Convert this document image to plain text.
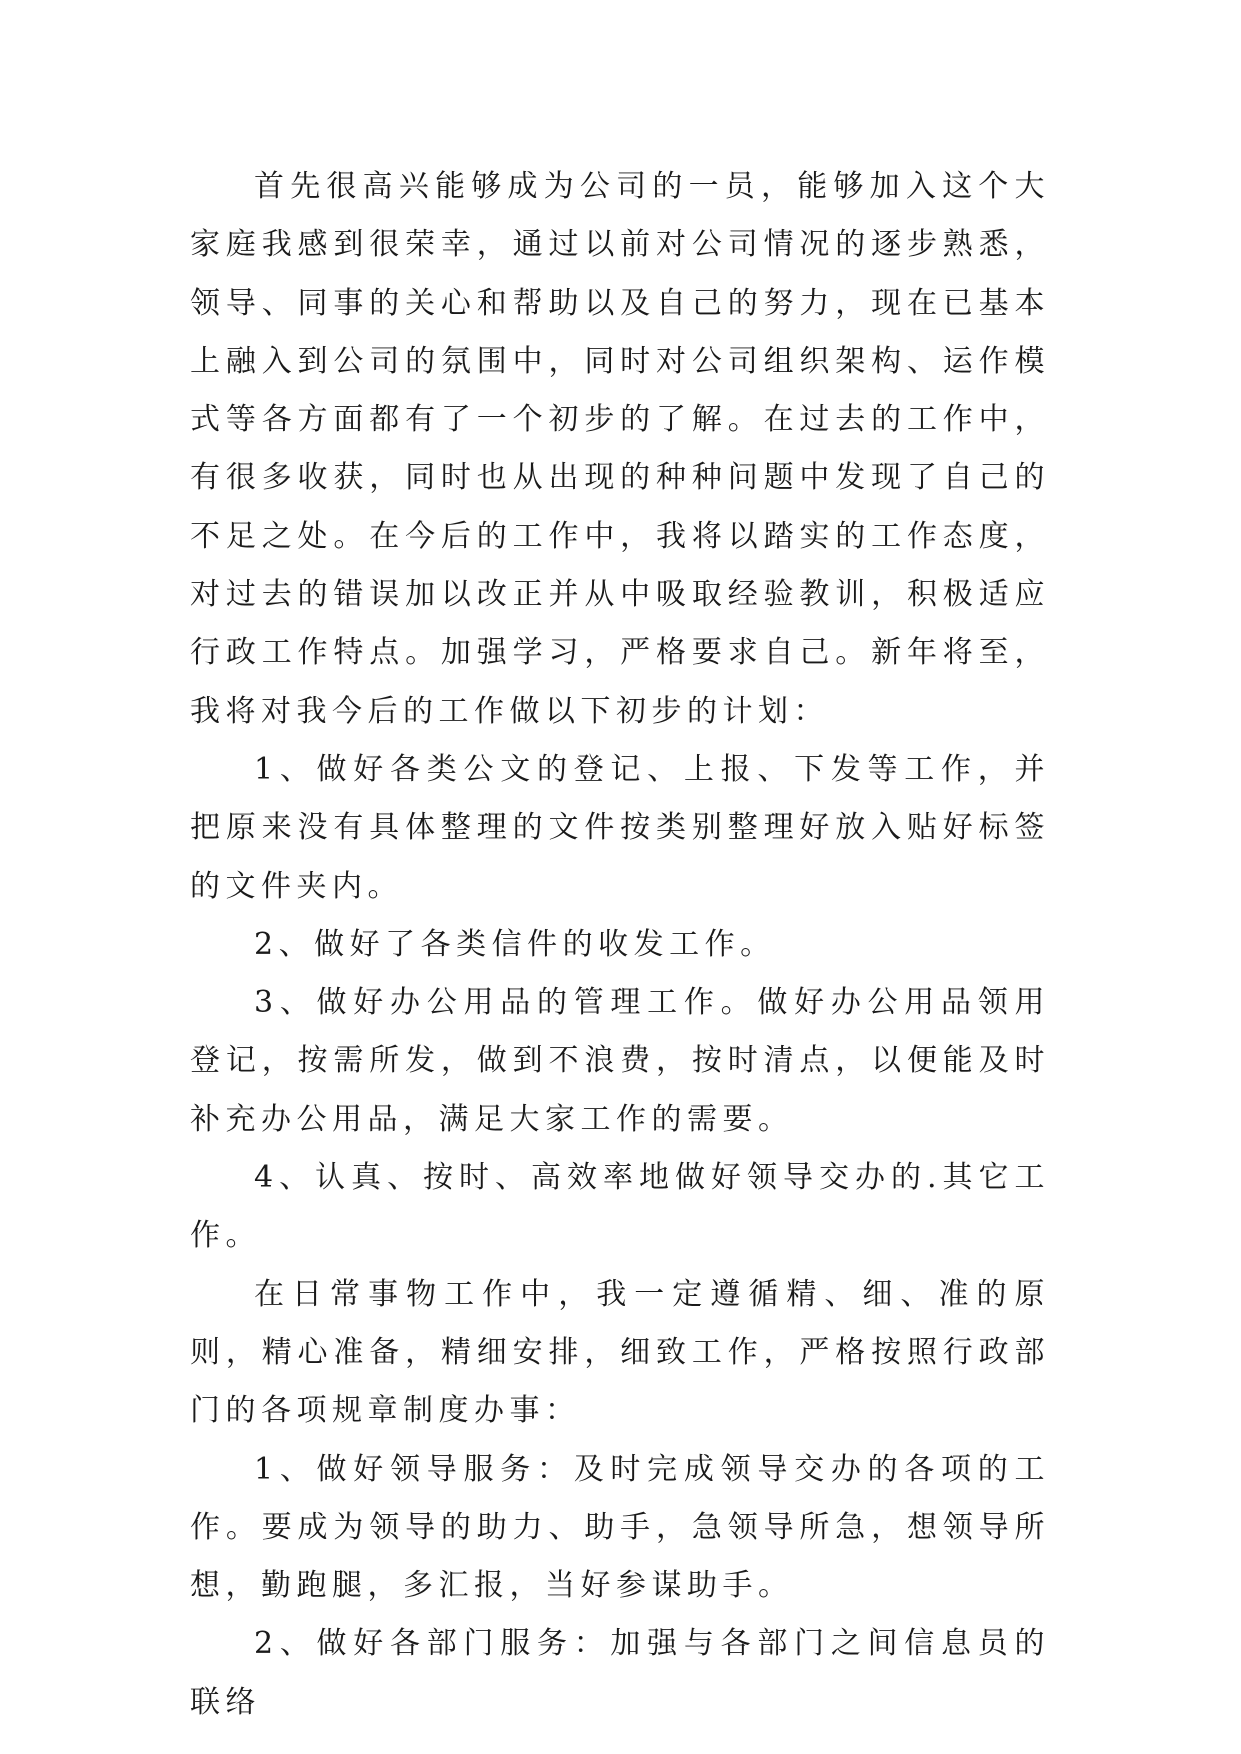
首先很高兴能够成为公司的一员，能够加入这个大家庭我感到很荣幸，通过以前对公司情况的逐步熟悉，领导、同事的关心和帮助以及自己的努力，现在已基本上融入到公司的氛围中，同时对公司组织架构、运作模式等各方面都有了一个初步的了解。在过去的工作中，有很多收获，同时也从出现的种种问题中发现了自己的不足之处。在今后的工作中，我将以踏实的工作态度，对过去的错误加以改正并从中吸取经验教训，积极适应行政工作特点。加强学习，严格要求自己。新年将至，我将对我今后的工作做以下初步的计划：

1、做好各类公文的登记、上报、下发等工作，并把原来没有具体整理的文件按类别整理好放入贴好标签的文件夹内。

2、做好了各类信件的收发工作。

3、做好办公用品的管理工作。做好办公用品领用登记，按需所发，做到不浪费，按时清点，以便能及时补充办公用品，满足大家工作的需要。

4、认真、按时、高效率地做好领导交办的.其它工作。

在日常事物工作中，我一定遵循精、细、准的原则，精心准备，精细安排，细致工作，严格按照行政部门的各项规章制度办事：

1、做好领导服务：及时完成领导交办的各项的工作。要成为领导的助力、助手，急领导所急，想领导所想，勤跑腿，多汇报，当好参谋助手。

2、做好各部门服务：加强与各部门之间信息员的联络
